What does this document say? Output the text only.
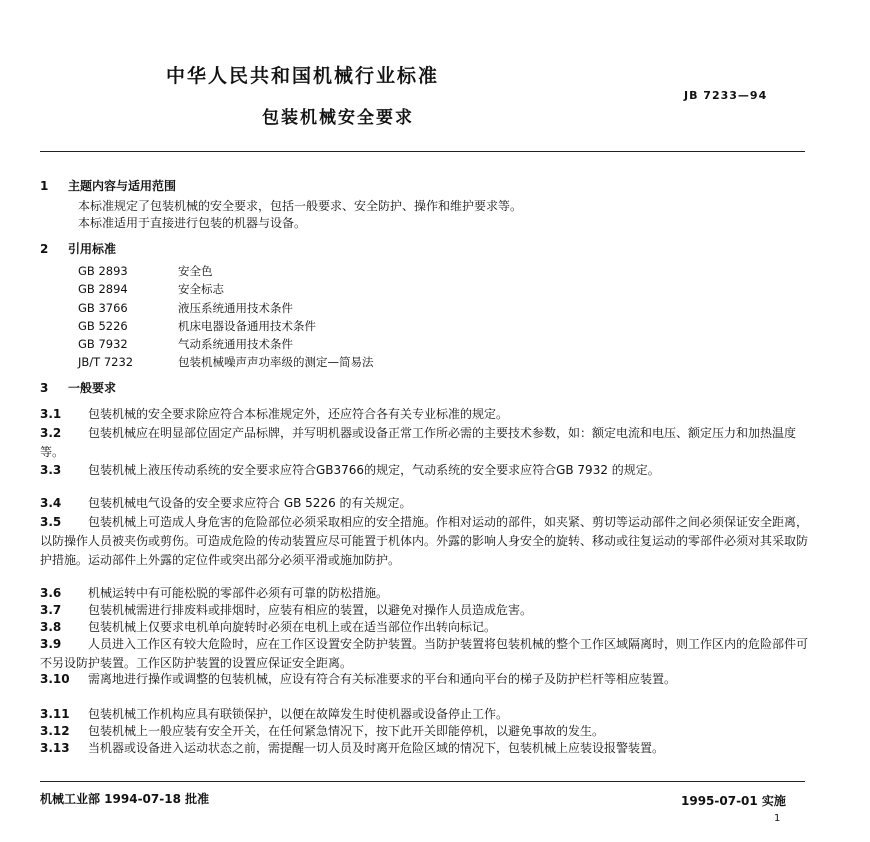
中华人民共和国机械行业标准
JB 7233—94
包装机械安全要求
1 主题内容与适用范围
本标准规定了包装机械的安全要求，包括一般要求、安全防护、操作和维护要求等。
本标准适用于直接进行包装的机器与设备。
2 引用标准
GB 2893	安全色
GB 2894	安全标志
GB 3766	液压系统通用技术条件
GB 5226	机床电器设备通用技术条件
GB 7932	气动系统通用技术条件
JB/T 7232	包装机械噪声声功率级的测定—简易法
3 一般要求
3.1 包装机械的安全要求除应符合本标准规定外，还应符合各有关专业标准的规定。
3.2 包装机械应在明显部位固定产品标牌，并写明机器或设备正常工作所必需的主要技术参数，如：额定电流和电压、额定压力和加热温度等。
3.3 包装机械上液压传动系统的安全要求应符合GB3766的规定，气动系统的安全要求应符合GB 7932 的规定。
3.4 包装机械电气设备的安全要求应符合 GB 5226 的有关规定。
3.5 包装机械上可造成人身危害的危险部位必须采取相应的安全措施。作相对运动的部件，如夹紧、剪切等运动部件之间必须保证安全距离，以防操作人员被夹伤或剪伤。可造成危险的传动装置应尽可能置于机体内。外露的影响人身安全的旋转、移动或往复运动的零部件必须对其采取防护措施。运动部件上外露的定位件或突出部分必须平滑或施加防护。
3.6 机械运转中有可能松脱的零部件必须有可靠的防松措施。
3.7 包装机械需进行排废料或排烟时，应装有相应的装置，以避免对操作人员造成危害。
3.8 包装机械上仅要求电机单向旋转时必须在电机上或在适当部位作出转向标记。
3.9 人员进入工作区有较大危险时，应在工作区设置安全防护装置。当防护装置将包装机械的整个工作区域隔离时，则工作区内的危险部件可不另设防护装置。工作区防护装置的设置应保证安全距离。
3.10 需离地进行操作或调整的包装机械，应设有符合有关标准要求的平台和通向平台的梯子及防护栏杆等相应装置。
3.11 包装机械工作机构应具有联锁保护，以便在故障发生时使机器或设备停止工作。
3.12 包装机械上一般应装有安全开关，在任何紧急情况下，按下此开关即能停机，以避免事故的发生。
3.13 当机器或设备进入运动状态之前，需提醒一切人员及时离开危险区域的情况下，包装机械上应装设报警装置。
机械工业部 1994-07-18 批准	1995-07-01 实施
1
